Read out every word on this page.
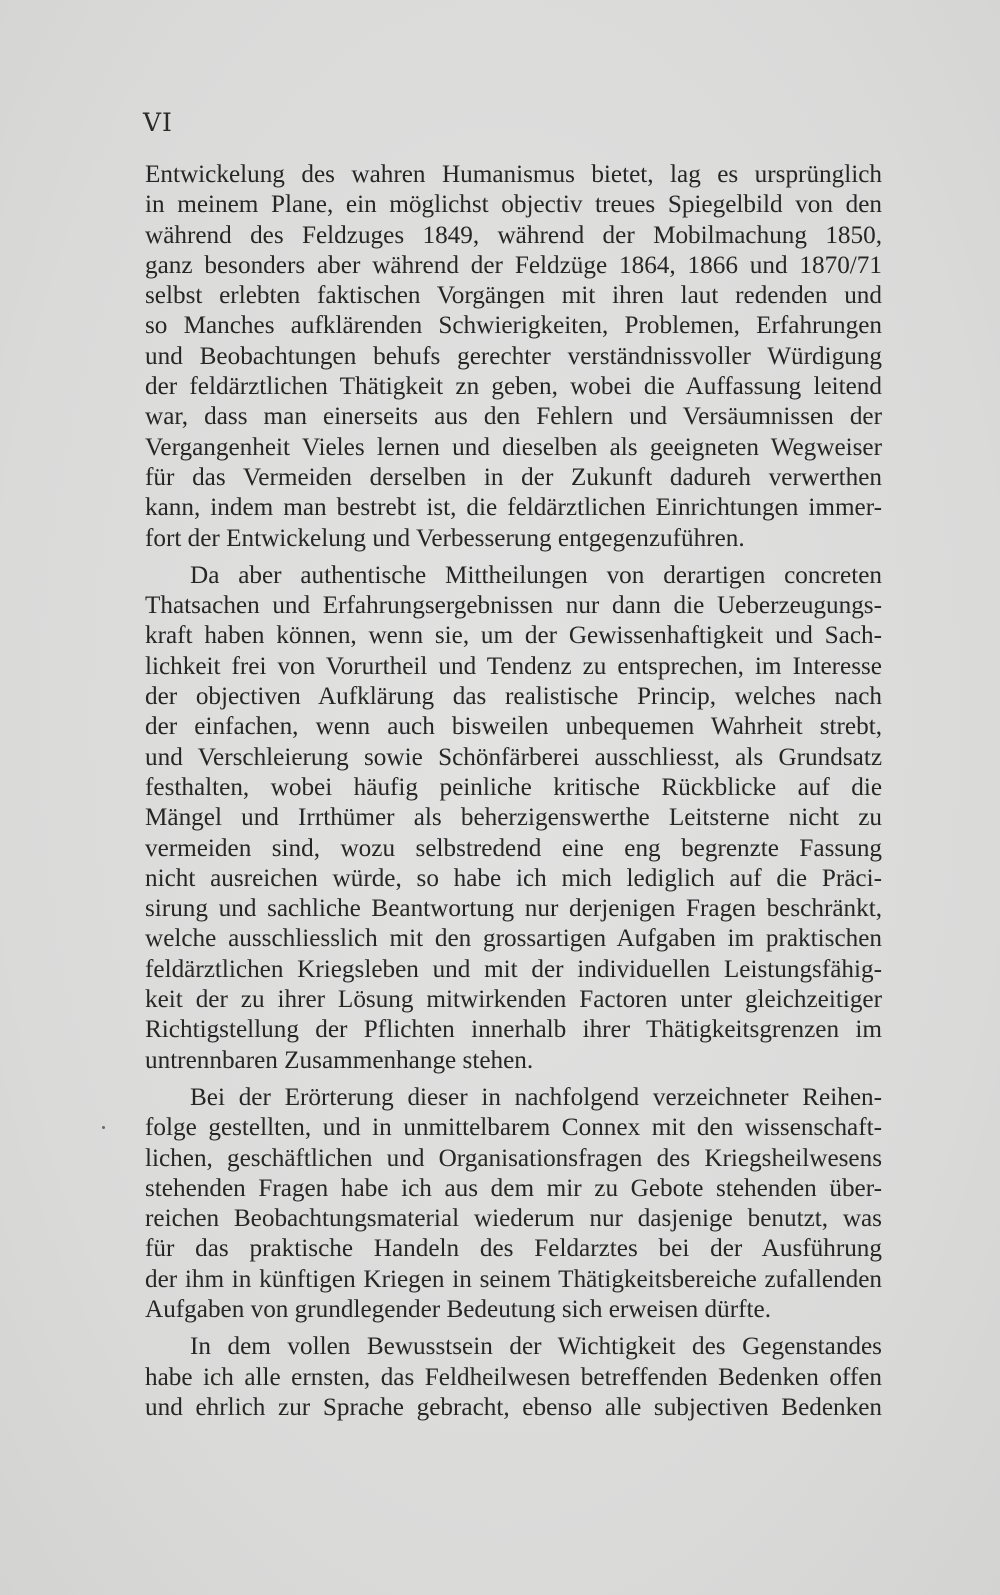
VI

Entwickelung des wahren Humanismus bietet, lag es ursprünglich
in meinem Plane, ein möglichst objectiv treues Spiegelbild von den
während des Feldzuges 1849, während der Mobilmachung 1850,
ganz besonders aber während der Feldzüge 1864, 1866 und 1870/71
selbst erlebten faktischen Vorgängen mit ihren laut redenden und
so Manches aufklärenden Schwierigkeiten, Problemen, Erfahrungen
und Beobachtungen behufs gerechter verständnissvoller Würdigung
der feldärztlichen Thätigkeit zn geben, wobei die Auffassung leitend
war, dass man einerseits aus den Fehlern und Versäumnissen der
Vergangenheit Vieles lernen und dieselben als geeigneten Wegweiser
für das Vermeiden derselben in der Zukunft dadureh verwerthen
kann, indem man bestrebt ist, die feldärztlichen Einrichtungen immer-
fort der Entwickelung und Verbesserung entgegenzuführen.
Da aber authentische Mittheilungen von derartigen concreten
Thatsachen und Erfahrungsergebnissen nur dann die Ueberzeugungs-
kraft haben können, wenn sie, um der Gewissenhaftigkeit und Sach-
lichkeit frei von Vorurtheil und Tendenz zu entsprechen, im Interesse
der objectiven Aufklärung das realistische Princip, welches nach
der einfachen, wenn auch bisweilen unbequemen Wahrheit strebt,
und Verschleierung sowie Schönfärberei ausschliesst, als Grundsatz
festhalten, wobei häufig peinliche kritische Rückblicke auf die
Mängel und Irrthümer als beherzigenswerthe Leitsterne nicht zu
vermeiden sind, wozu selbstredend eine eng begrenzte Fassung
nicht ausreichen würde, so habe ich mich lediglich auf die Präci-
sirung und sachliche Beantwortung nur derjenigen Fragen beschränkt,
welche ausschliesslich mit den grossartigen Aufgaben im praktischen
feldärztlichen Kriegsleben und mit der individuellen Leistungsfähig-
keit der zu ihrer Lösung mitwirkenden Factoren unter gleichzeitiger
Richtigstellung der Pflichten innerhalb ihrer Thätigkeitsgrenzen im
untrennbaren Zusammenhange stehen.
Bei der Erörterung dieser in nachfolgend verzeichneter Reihen-
folge gestellten, und in unmittelbarem Connex mit den wissenschaft-
lichen, geschäftlichen und Organisationsfragen des Kriegsheilwesens
stehenden Fragen habe ich aus dem mir zu Gebote stehenden über-
reichen Beobachtungsmaterial wiederum nur dasjenige benutzt, was
für das praktische Handeln des Feldarztes bei der Ausführung
der ihm in künftigen Kriegen in seinem Thätigkeitsbereiche zufallenden
Aufgaben von grundlegender Bedeutung sich erweisen dürfte.
In dem vollen Bewusstsein der Wichtigkeit des Gegenstandes
habe ich alle ernsten, das Feldheilwesen betreffenden Bedenken offen
und ehrlich zur Sprache gebracht, ebenso alle subjectiven Bedenken
